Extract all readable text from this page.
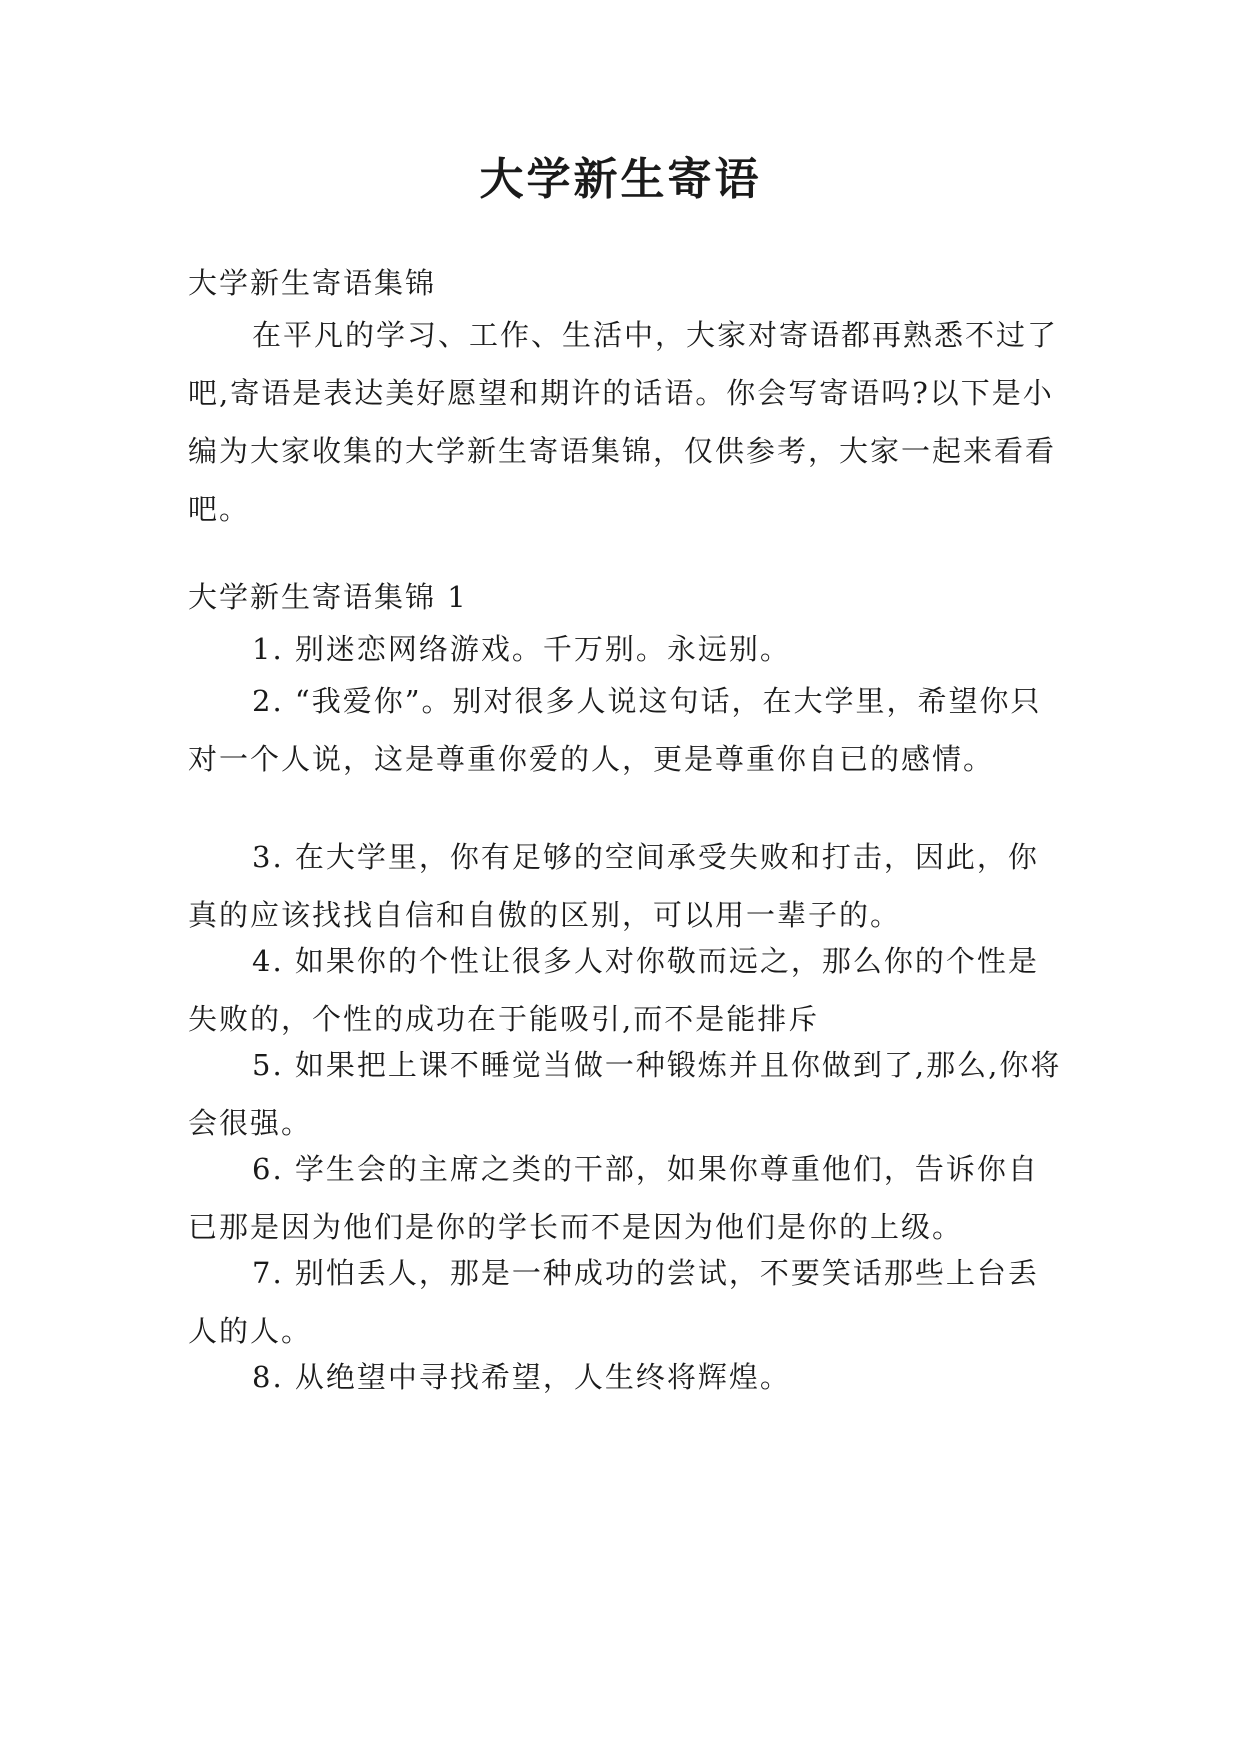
大学新生寄语

大学新生寄语集锦

在平凡的学习、工作、生活中，大家对寄语都再熟悉不过了吧,寄语是表达美好愿望和期许的话语。你会写寄语吗?以下是小编为大家收集的大学新生寄语集锦，仅供参考，大家一起来看看吧。

大学新生寄语集锦 1

1. 别迷恋网络游戏。千万别。永远别。

2. “我爱你”。别对很多人说这句话，在大学里，希望你只对一个人说，这是尊重你爱的人，更是尊重你自已的感情。

3. 在大学里，你有足够的空间承受失败和打击，因此，你真的应该找找自信和自傲的区别，可以用一辈子的。

4. 如果你的个性让很多人对你敬而远之，那么你的个性是失败的，个性的成功在于能吸引,而不是能排斥

5. 如果把上课不睡觉当做一种锻炼并且你做到了,那么,你将会很强。

6. 学生会的主席之类的干部，如果你尊重他们，告诉你自已那是因为他们是你的学长而不是因为他们是你的上级。

7. 别怕丢人，那是一种成功的尝试，不要笑话那些上台丢人的人。

8. 从绝望中寻找希望，人生终将辉煌。
